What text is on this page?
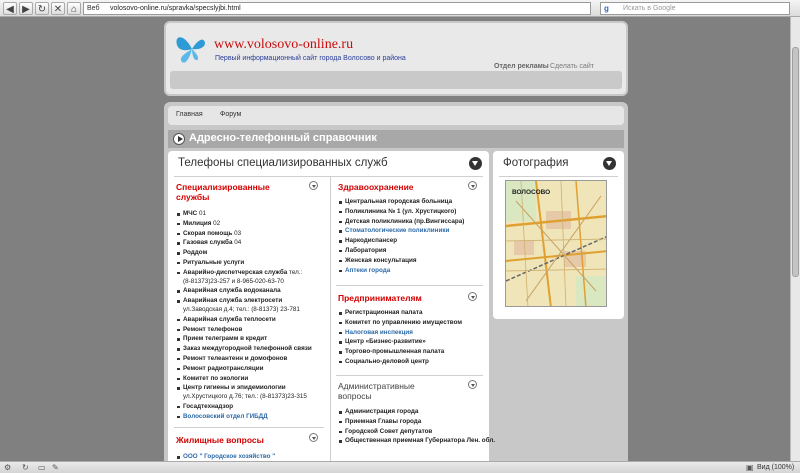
◀ ▶ ↻ ✕ ⌂	Веб volosovo-online.ru/spravka/specslyjbi.html	g	Искать в Google
www.volosovo-online.ru
Первый информационный сайт города Волосово и района
Отдел рекламы Сделать сайт
Главная Форум
Адресно-телефонный справочник
Телефоны специализированных служб
Специализированные службы
МЧС 01
Милиция 02
Скорая помощь 03
Газовая служба 04
Роддом
Ритуальные услуги
Аварийно-диспетчерская служба тел.:
(8-81373)23-257 и 8-965-020-63-70
Аварийная служба водоканала
Аварийная служба электросети
ул.Заводская д.4; тел.: (8-81373) 23-781
Аварийная служба теплосети
Ремонт телефонов
Прием телеграмм в кредит
Заказ междугородной телефонной связи
Ремонт телеантенн и домофонов
Ремонт радиотрансляции
Комитет по экологии
Центр гигиены и эпидемиологии
ул.Хрустицкого д.76; тел.: (8-81373)23-315
Госадтехнадзор
Волосовский отдел ГИБДД
Жилищные вопросы
ООО " Городское хозяйство "
Здравоохранение
Центральная городская больница
Поликлиника № 1 (ул. Хрустицкого)
Детская поликлиника (пр.Вингиссара)
Стоматологические поликлиники
Наркодиспансер
Лаборатория
Женская консультация
Аптеки города
Предпринимателям
Регистрационная палата
Комитет по управлению имуществом
Налоговая инспекция
Центр «Бизнес-развитие»
Торгово-промышленная палата
Социально-деловой центр
Административные вопросы
Администрация города
Приемная Главы города
Городской Совет депутатов
Общественная приемная Губернатора Лен. обл.
Фотография
ВОЛОСОВО
⚙ ↻ ▭ ✎	▣ Вид (100%)
